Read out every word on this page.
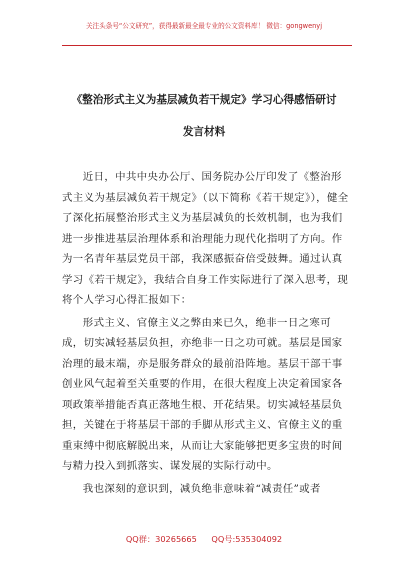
关注头条号“公文研究”，获得最新最全最专业的公文资料库！ 微信：gongwenyj
《整治形式主义为基层减负若干规定》学习心得感悟研讨
发言材料

近日，中共中央办公厅、国务院办公厅印发了《整治形式主义为基层减负若干规定》（以下简称《若干规定》），健全了深化拓展整治形式主义为基层减负的长效机制，也为我们进一步推进基层治理体系和治理能力现代化指明了方向。作为一名青年基层党员干部，我深感振奋倍受鼓舞。通过认真学习《若干规定》，我结合自身工作实际进行了深入思考，现将个人学习心得汇报如下：

形式主义、官僚主义之弊由来已久，绝非一日之寒可成，切实减轻基层负担，亦绝非一日之功可就。基层是国家治理的最末端，亦是服务群众的最前沿阵地。基层干部干事创业风气起着至关重要的作用，在很大程度上决定着国家各项政策举措能否真正落地生根、开花结果。切实减轻基层负担，关键在于将基层干部的手脚从形式主义、官僚主义的重重束缚中彻底解脱出来，从而让大家能够把更多宝贵的时间与精力投入到抓落实、谋发展的实际行动中。

我也深刻的意识到，减负绝非意味着“减责任”或者

QQ群：30265665 QQ号:535304092
